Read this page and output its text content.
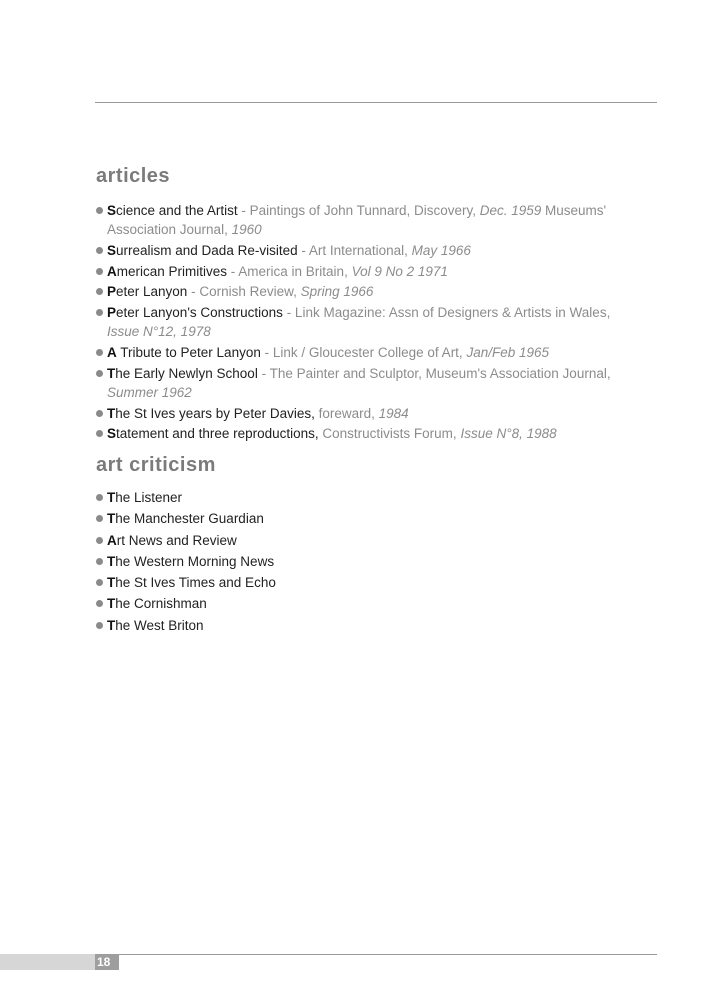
articles
Science and the Artist - Paintings of John Tunnard, Discovery, Dec. 1959 Museums' Association Journal, 1960
Surrealism and Dada Re-visited - Art International, May 1966
American Primitives - America in Britain, Vol 9 No 2 1971
Peter Lanyon - Cornish Review, Spring 1966
Peter Lanyon's Constructions - Link Magazine: Assn of Designers & Artists in Wales, Issue N°12, 1978
A Tribute to Peter Lanyon - Link / Gloucester College of Art, Jan/Feb 1965
The Early Newlyn School - The Painter and Sculptor, Museum's Association Journal, Summer 1962
The St Ives years by Peter Davies, foreward, 1984
Statement and three reproductions, Constructivists Forum, Issue N°8, 1988
art criticism
The Listener
The Manchester Guardian
Art News and Review
The Western Morning News
The St Ives Times and Echo
The Cornishman
The West Briton
18
